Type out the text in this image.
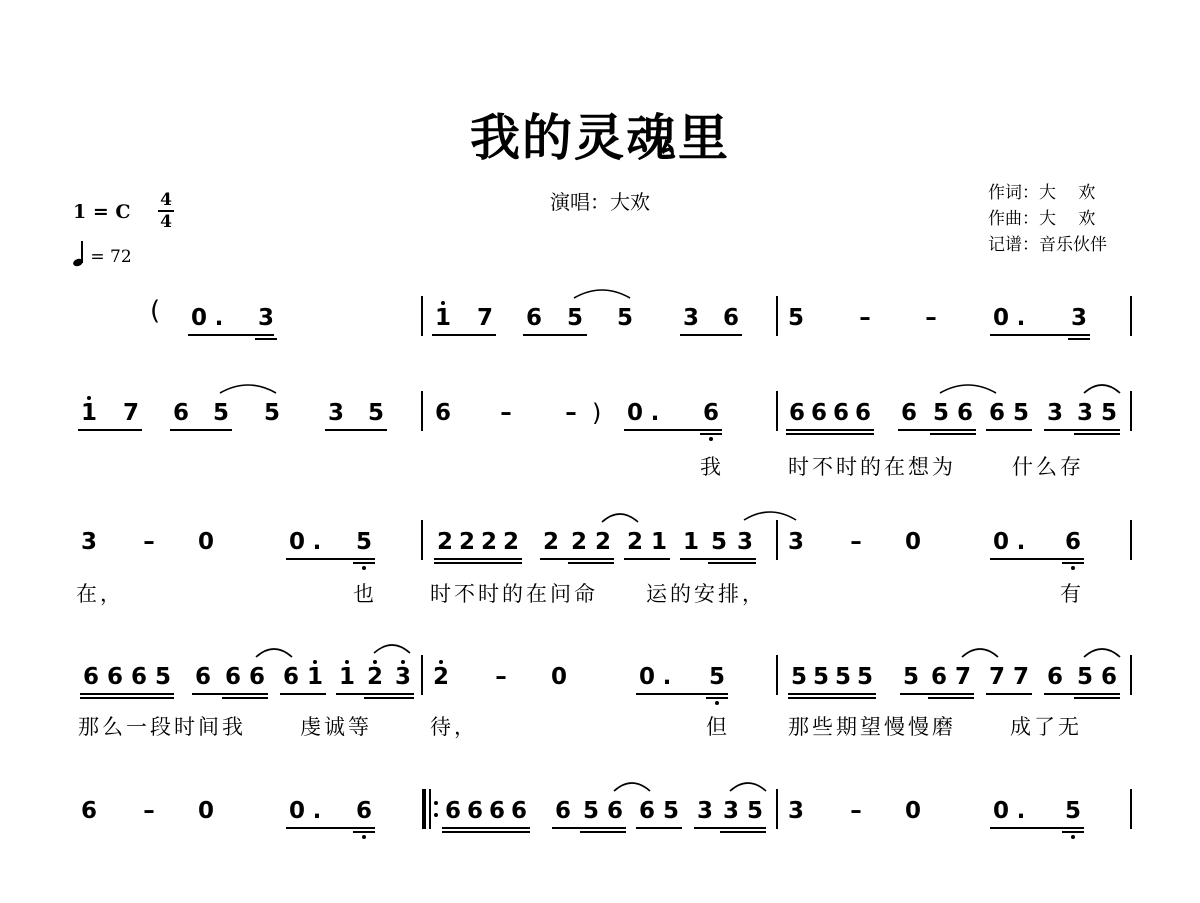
我的灵魂里
演唱：大欢	作词：大　 欢
作曲：大　 欢
记谱：音乐伙伴
1 = C
4
4
= 72
( 0 . 3	1 7 6 5 5 3 6 5 – – 0 . 3
1 7 6 5 5 3 5 6 – – ) 0 . 6	6 6 6 6 6 5 6 6 5 3 3 5
我	时不时的在想为	什么存
3 – 0	0 . 5	2 2 2 2 2 2 2 2 1 1 5 3 3 – 0	0 . 6
在，	也	时不时的在问命 运的安排，	有
6 6 6 5 6 6 6 6 1 1 2 3 2 – 0	0 . 5	5 5 5 5 5 6 7 7 7 6 5 6
那么一段时间我	虔诚等	待，	但	那些期望慢慢磨	成了无
6 – 0	0 . 6	6 6 6 6 6 5 6 6 5 3 3 5 3 – 0	0 . 5
